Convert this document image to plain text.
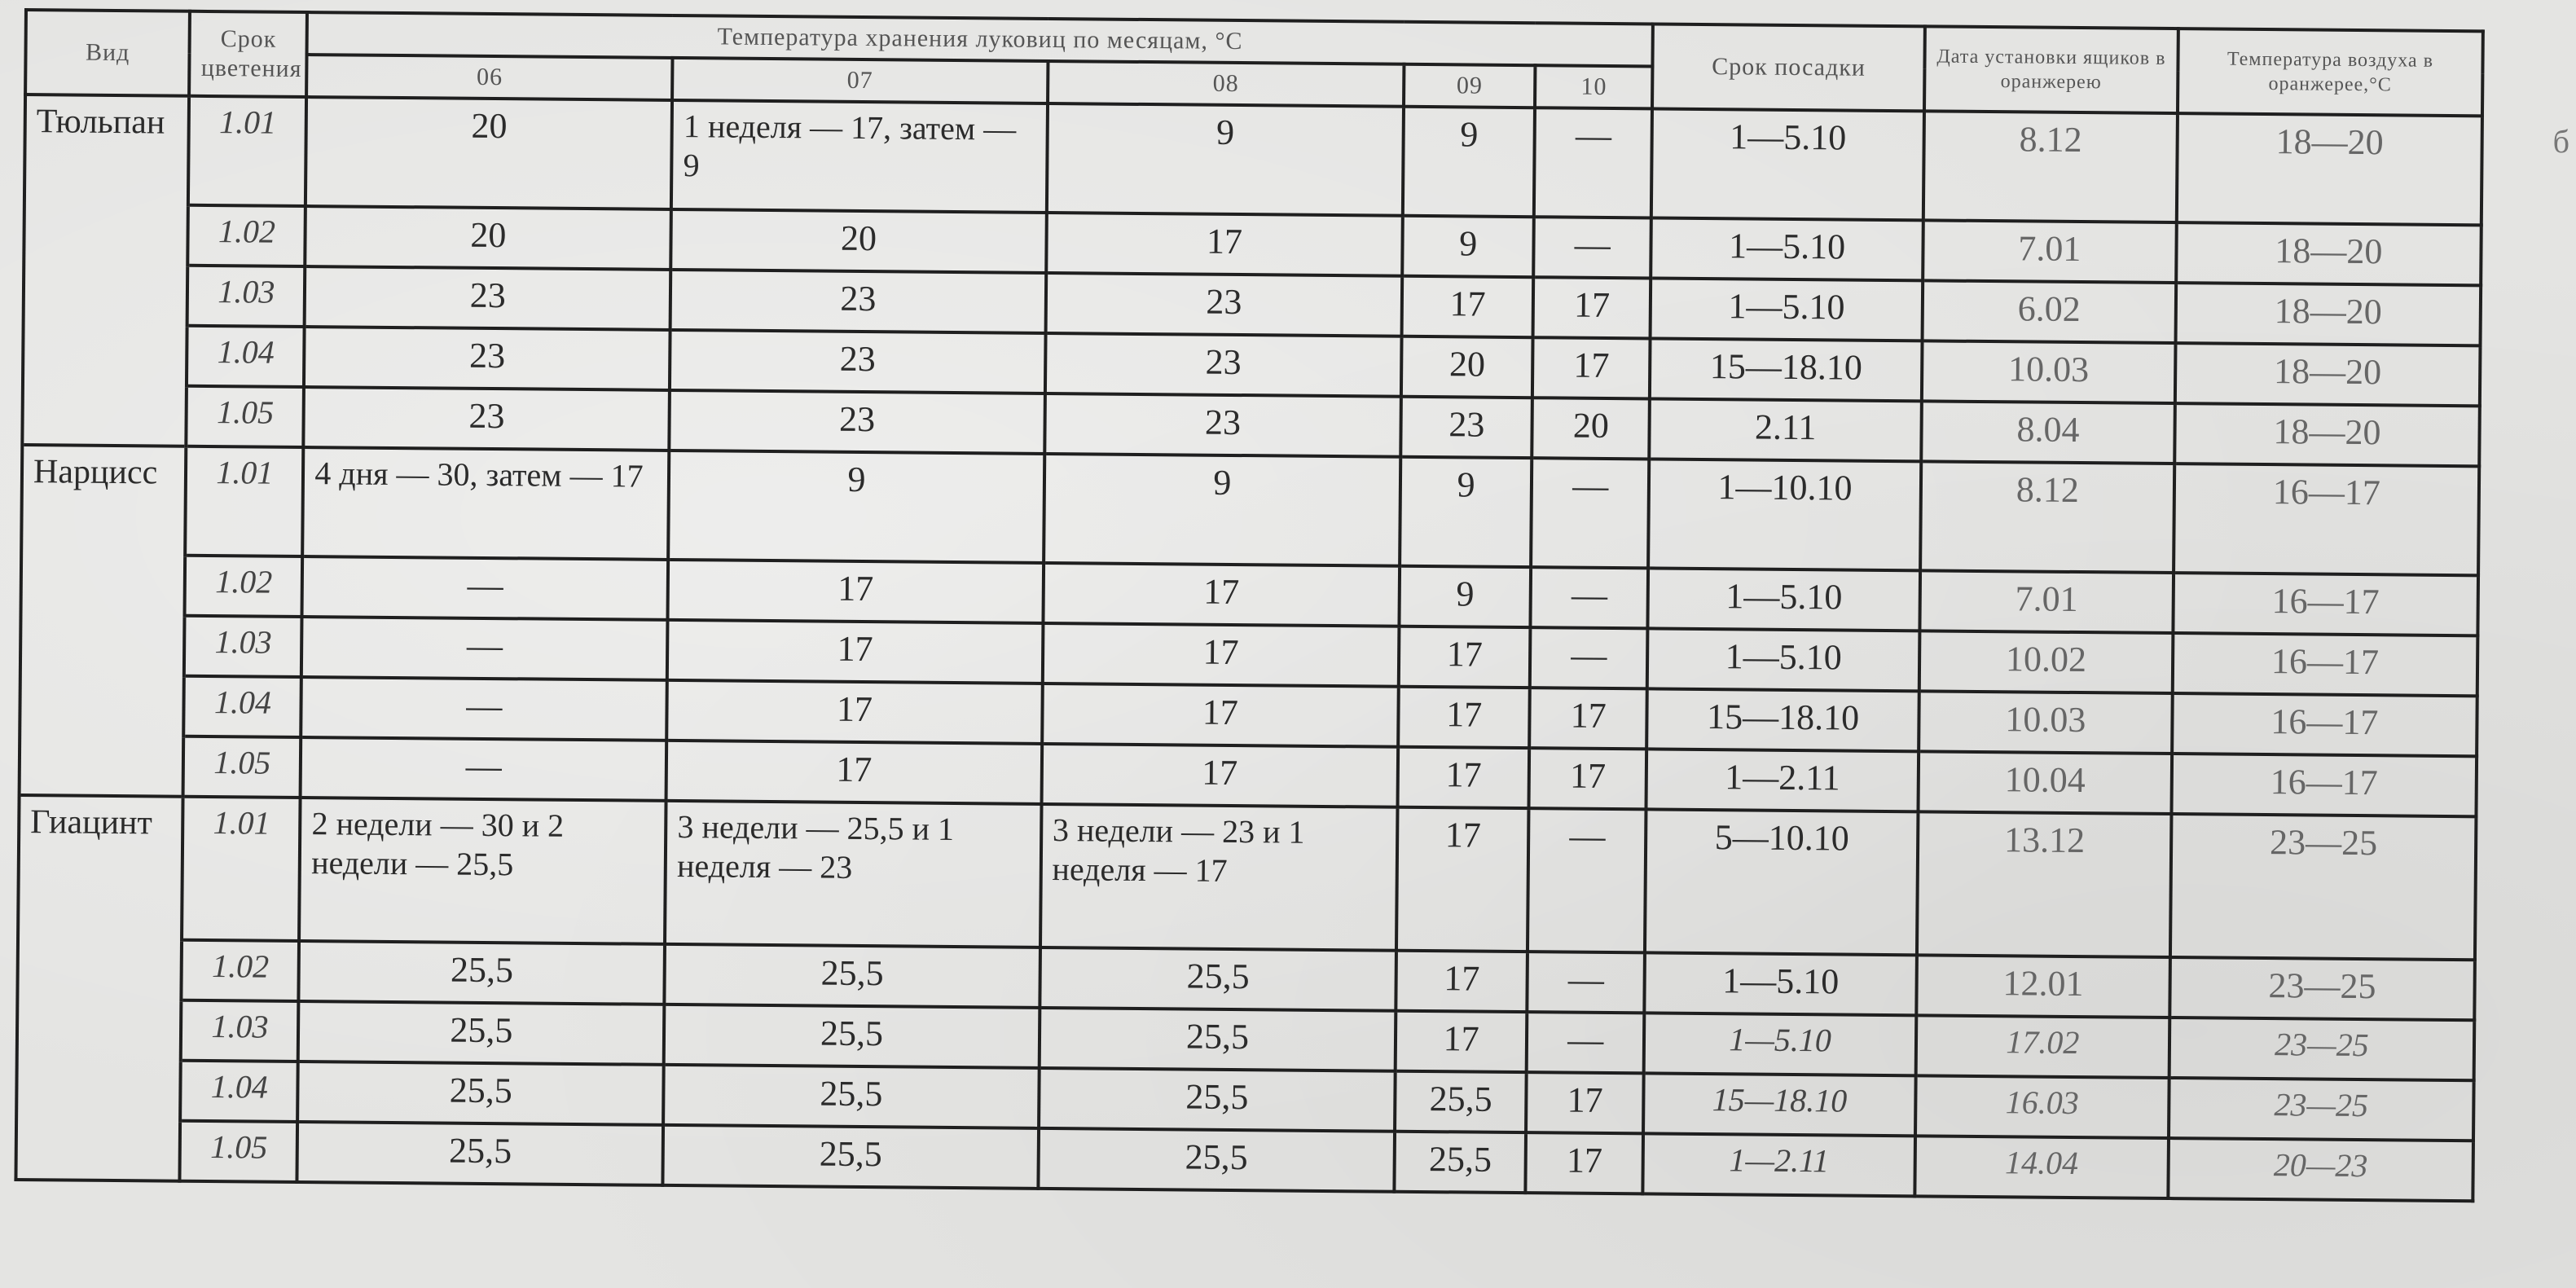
б
Вид	Срок цветения	Температура хранения луковиц по месяцам, °C					Срок посадки	Дата установки ящиков в оранжерею	Температура воздуха в оранжерее,°C
		06	07	08	09	10			
Тюльпан	1.01	20	1 неделя — 17, затем — 9	9	9	—	1—5.10	8.12	18—20
	1.02	20	20	17	9	—	1—5.10	7.01	18—20
	1.03	23	23	23	17	17	1—5.10	6.02	18—20
	1.04	23	23	23	20	17	15—18.10	10.03	18—20
	1.05	23	23	23	23	20	2.11	8.04	18—20
Нарцисс	1.01	4 дня — 30, затем — 17	9	9	9	—	1—10.10	8.12	16—17
	1.02	—	17	17	9	—	1—5.10	7.01	16—17
	1.03	—	17	17	17	—	1—5.10	10.02	16—17
	1.04	—	17	17	17	17	15—18.10	10.03	16—17
	1.05	—	17	17	17	17	1—2.11	10.04	16—17
Гиацинт	1.01	2 недели — 30 и 2 недели — 25,5	3 недели — 25,5 и 1 неделя — 23	3 недели — 23 и 1 неделя — 17	17	—	5—10.10	13.12	23—25
	1.02	25,5	25,5	25,5	17	—	1—5.10	12.01	23—25
	1.03	25,5	25,5	25,5	17	—	1—5.10	17.02	23—25
	1.04	25,5	25,5	25,5	25,5	17	15—18.10	16.03	23—25
	1.05	25,5	25,5	25,5	25,5	17	1—2.11	14.04	20—23
